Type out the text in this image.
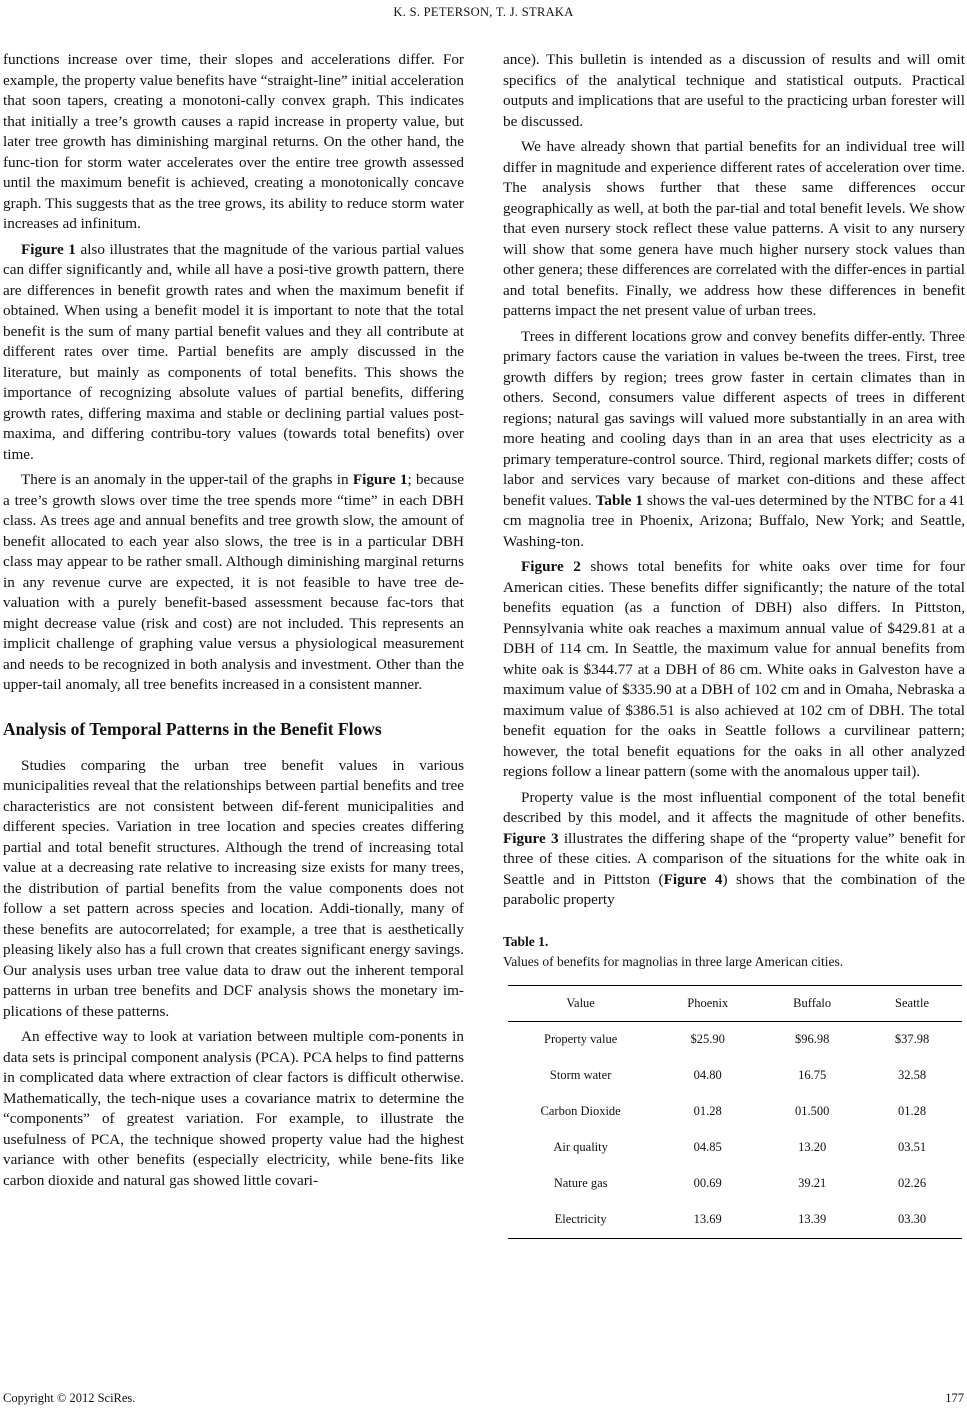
K. S. PETERSON, T. J. STRAKA

functions increase over time, their slopes and accelerations differ. For example, the property value benefits have “straight-line” initial acceleration that soon tapers, creating a monotoni-cally convex graph. This indicates that initially a tree’s growth causes a rapid increase in property value, but later tree growth has diminishing marginal returns. On the other hand, the func-tion for storm water accelerates over the entire tree growth assessed until the maximum benefit is achieved, creating a monotonically concave graph. This suggests that as the tree grows, its ability to reduce storm water increases ad infinitum.

Figure 1 also illustrates that the magnitude of the various partial values can differ significantly and, while all have a posi-tive growth pattern, there are differences in benefit growth rates and when the maximum benefit if obtained. When using a benefit model it is important to note that the total benefit is the sum of many partial benefit values and they all contribute at different rates over time. Partial benefits are amply discussed in the literature, but mainly as components of total benefits. This shows the importance of recognizing absolute values of partial benefits, differing growth rates, differing maxima and stable or declining partial values post-maxima, and differing contribu-tory values (towards total benefits) over time.

There is an anomaly in the upper-tail of the graphs in Figure 1; because a tree’s growth slows over time the tree spends more “time” in each DBH class. As trees age and annual benefits and tree growth slow, the amount of benefit allocated to each year also slows, the tree is in a particular DBH class may appear to be rather small. Although diminishing marginal returns in any revenue curve are expected, it is not feasible to have tree de-valuation with a purely benefit-based assessment because fac-tors that might decrease value (risk and cost) are not included. This represents an implicit challenge of graphing value versus a physiological measurement and needs to be recognized in both analysis and investment. Other than the upper-tail anomaly, all tree benefits increased in a consistent manner.

Analysis of Temporal Patterns in the Benefit Flows

Studies comparing the urban tree benefit values in various municipalities reveal that the relationships between partial benefits and tree characteristics are not consistent between dif-ferent municipalities and different species. Variation in tree location and species creates differing partial and total benefit structures. Although the trend of increasing total value at a decreasing rate relative to increasing size exists for many trees, the distribution of partial benefits from the value components does not follow a set pattern across species and location. Addi-tionally, many of these benefits are autocorrelated; for example, a tree that is aesthetically pleasing likely also has a full crown that creates significant energy savings. Our analysis uses urban tree value data to draw out the inherent temporal patterns in urban tree benefits and DCF analysis shows the monetary im-plications of these patterns.

An effective way to look at variation between multiple com-ponents in data sets is principal component analysis (PCA). PCA helps to find patterns in complicated data where extraction of clear factors is difficult otherwise. Mathematically, the tech-nique uses a covariance matrix to determine the “components” of greatest variation. For example, to illustrate the usefulness of PCA, the technique showed property value had the highest variance with other benefits (especially electricity, while bene-fits like carbon dioxide and natural gas showed little covari-

ance). This bulletin is intended as a discussion of results and will omit specifics of the analytical technique and statistical outputs. Practical outputs and implications that are useful to the practicing urban forester will be discussed.

We have already shown that partial benefits for an individual tree will differ in magnitude and experience different rates of acceleration over time. The analysis shows further that these same differences occur geographically as well, at both the par-tial and total benefit levels. We show that even nursery stock reflect these value patterns. A visit to any nursery will show that some genera have much higher nursery stock values than other genera; these differences are correlated with the differ-ences in partial and total benefits. Finally, we address how these differences in benefit patterns impact the net present value of urban trees.

Trees in different locations grow and convey benefits differ-ently. Three primary factors cause the variation in values be-tween the trees. First, tree growth differs by region; trees grow faster in certain climates than in others. Second, consumers value different aspects of trees in different regions; natural gas savings will valued more substantially in an area with more heating and cooling days than in an area that uses electricity as a primary temperature-control source. Third, regional markets differ; costs of labor and services vary because of market con-ditions and these affect benefit values. Table 1 shows the val-ues determined by the NTBC for a 41 cm magnolia tree in Phoenix, Arizona; Buffalo, New York; and Seattle, Washing-ton.

Figure 2 shows total benefits for white oaks over time for four American cities. These benefits differ significantly; the nature of the total benefits equation (as a function of DBH) also differs. In Pittston, Pennsylvania white oak reaches a maximum annual value of $429.81 at a DBH of 114 cm. In Seattle, the maximum value for annual benefits from white oak is $344.77 at a DBH of 86 cm. White oaks in Galveston have a maximum value of $335.90 at a DBH of 102 cm and in Omaha, Nebraska a maximum value of $386.51 is also achieved at 102 cm of DBH. The total benefit equation for the oaks in Seattle follows a curvilinear pattern; however, the total benefit equations for the oaks in all other analyzed regions follow a linear pattern (some with the anomalous upper tail).

Property value is the most influential component of the total benefit described by this model, and it affects the magnitude of other benefits. Figure 3 illustrates the differing shape of the “property value” benefit for three of these cities. A comparison of the situations for the white oak in Seattle and in Pittston (Figure 4) shows that the combination of the parabolic property

Table 1.
Values of benefits for magnolias in three large American cities.
Value	Phoenix	Buffalo	Seattle
Property value	$25.90	$96.98	$37.98
Storm water	04.80	16.75	32.58
Carbon Dioxide	01.28	01.500	01.28
Air quality	04.85	13.20	03.51
Nature gas	00.69	39.21	02.26
Electricity	13.69	13.39	03.30
Copyright © 2012 SciRes.	177
